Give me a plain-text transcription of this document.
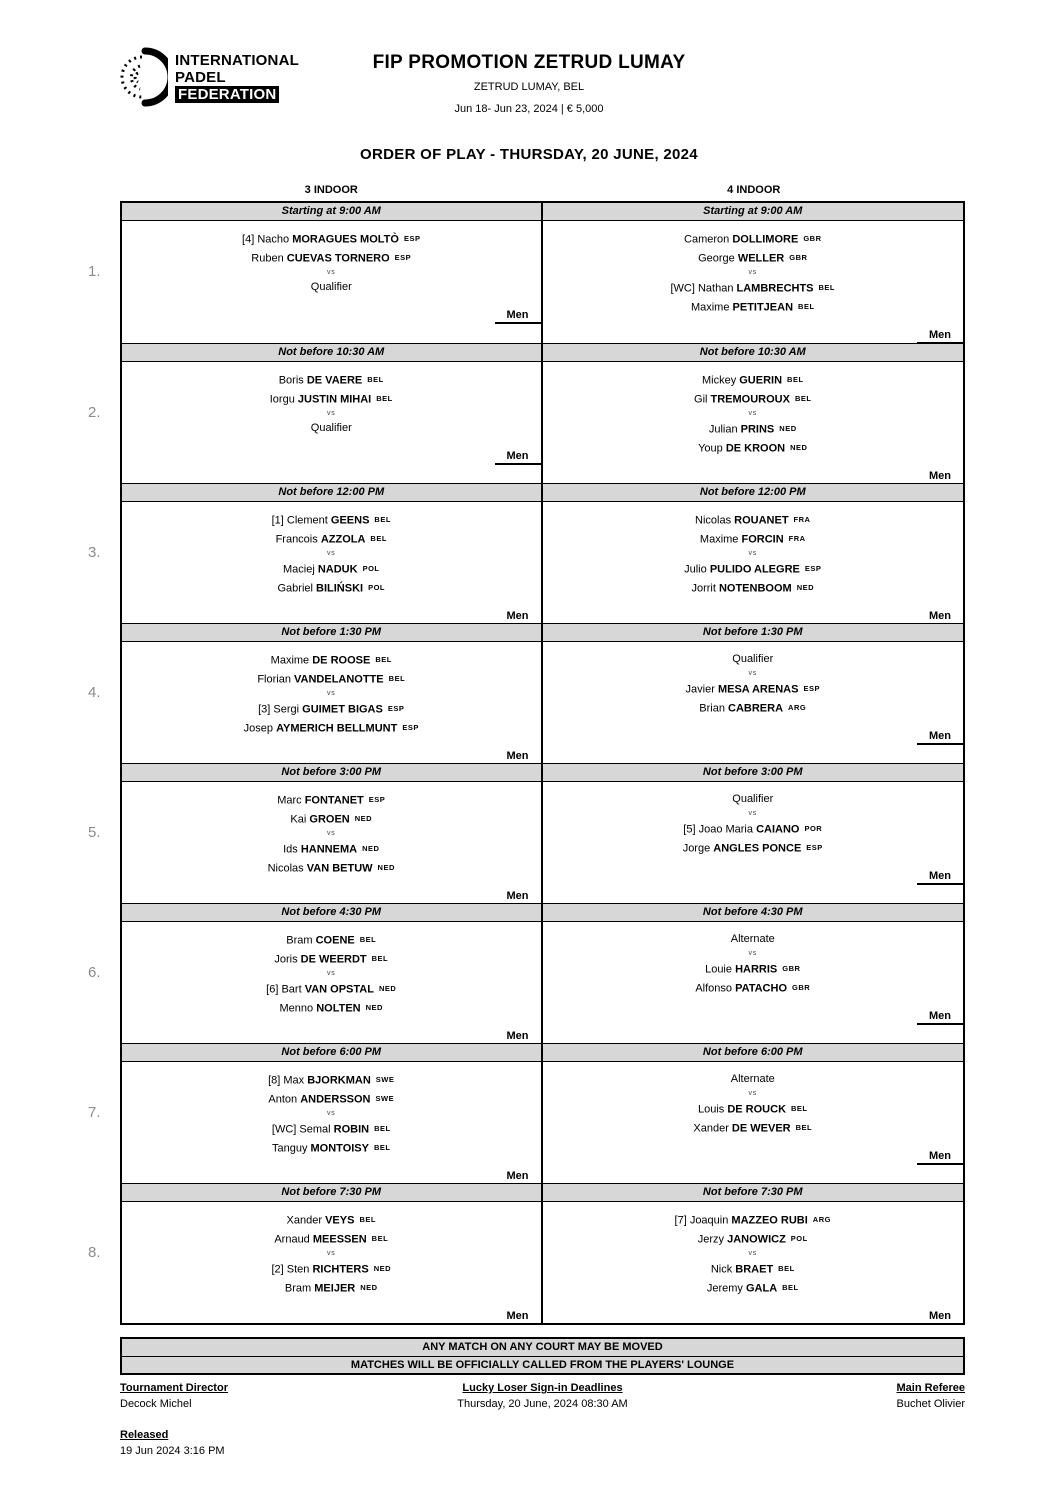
INTERNATIONAL
PADEL
FEDERATION
FIP PROMOTION ZETRUD LUMAY
ZETRUD LUMAY, BEL
Jun 18- Jun 23, 2024 | € 5,000
ORDER OF PLAY - THURSDAY, 20 JUNE, 2024
3 INDOOR	4 INDOOR
1.
Starting at 9:00 AM
[4] Nacho MORAGUES MOLTÒ ESP
Ruben CUEVAS TORNERO ESP
vs
Qualifier
Men
Starting at 9:00 AM
Cameron DOLLIMORE GBR
George WELLER GBR
vs
[WC] Nathan LAMBRECHTS BEL
Maxime PETITJEAN BEL
Men
2.
Not before 10:30 AM
Boris DE VAERE BEL
Iorgu JUSTIN MIHAI BEL
vs
Qualifier
Men
Not before 10:30 AM
Mickey GUERIN BEL
Gil TREMOUROUX BEL
vs
Julian PRINS NED
Youp DE KROON NED
Men
3.
Not before 12:00 PM
[1] Clement GEENS BEL
Francois AZZOLA BEL
vs
Maciej NADUK POL
Gabriel BILIŃSKI POL
Men
Not before 12:00 PM
Nicolas ROUANET FRA
Maxime FORCIN FRA
vs
Julio PULIDO ALEGRE ESP
Jorrit NOTENBOOM NED
Men
4.
Not before 1:30 PM
Maxime DE ROOSE BEL
Florian VANDELANOTTE BEL
vs
[3] Sergi GUIMET BIGAS ESP
Josep AYMERICH BELLMUNT ESP
Men
Not before 1:30 PM
Qualifier
vs
Javier MESA ARENAS ESP
Brian CABRERA ARG
Men
5.
Not before 3:00 PM
Marc FONTANET ESP
Kai GROEN NED
vs
Ids HANNEMA NED
Nicolas VAN BETUW NED
Men
Not before 3:00 PM
Qualifier
vs
[5] Joao Maria CAIANO POR
Jorge ANGLES PONCE ESP
Men
6.
Not before 4:30 PM
Bram COENE BEL
Joris DE WEERDT BEL
vs
[6] Bart VAN OPSTAL NED
Menno NOLTEN NED
Men
Not before 4:30 PM
Alternate
vs
Louie HARRIS GBR
Alfonso PATACHO GBR
Men
7.
Not before 6:00 PM
[8] Max BJORKMAN SWE
Anton ANDERSSON SWE
vs
[WC] Semal ROBIN BEL
Tanguy MONTOISY BEL
Men
Not before 6:00 PM
Alternate
vs
Louis DE ROUCK BEL
Xander DE WEVER BEL
Men
8.
Not before 7:30 PM
Xander VEYS BEL
Arnaud MEESSEN BEL
vs
[2] Sten RICHTERS NED
Bram MEIJER NED
Men
Not before 7:30 PM
[7] Joaquin MAZZEO RUBI ARG
Jerzy JANOWICZ POL
vs
Nick BRAET BEL
Jeremy GALA BEL
Men
ANY MATCH ON ANY COURT MAY BE MOVED
MATCHES WILL BE OFFICIALLY CALLED FROM THE PLAYERS' LOUNGE
Lucky Loser Sign-in Deadlines
Thursday, 20 June, 2024 08:30 AM
Tournament Director
Decock Michel
Released
19 Jun 2024 3:16 PM
Main Referee
Buchet Olivier
